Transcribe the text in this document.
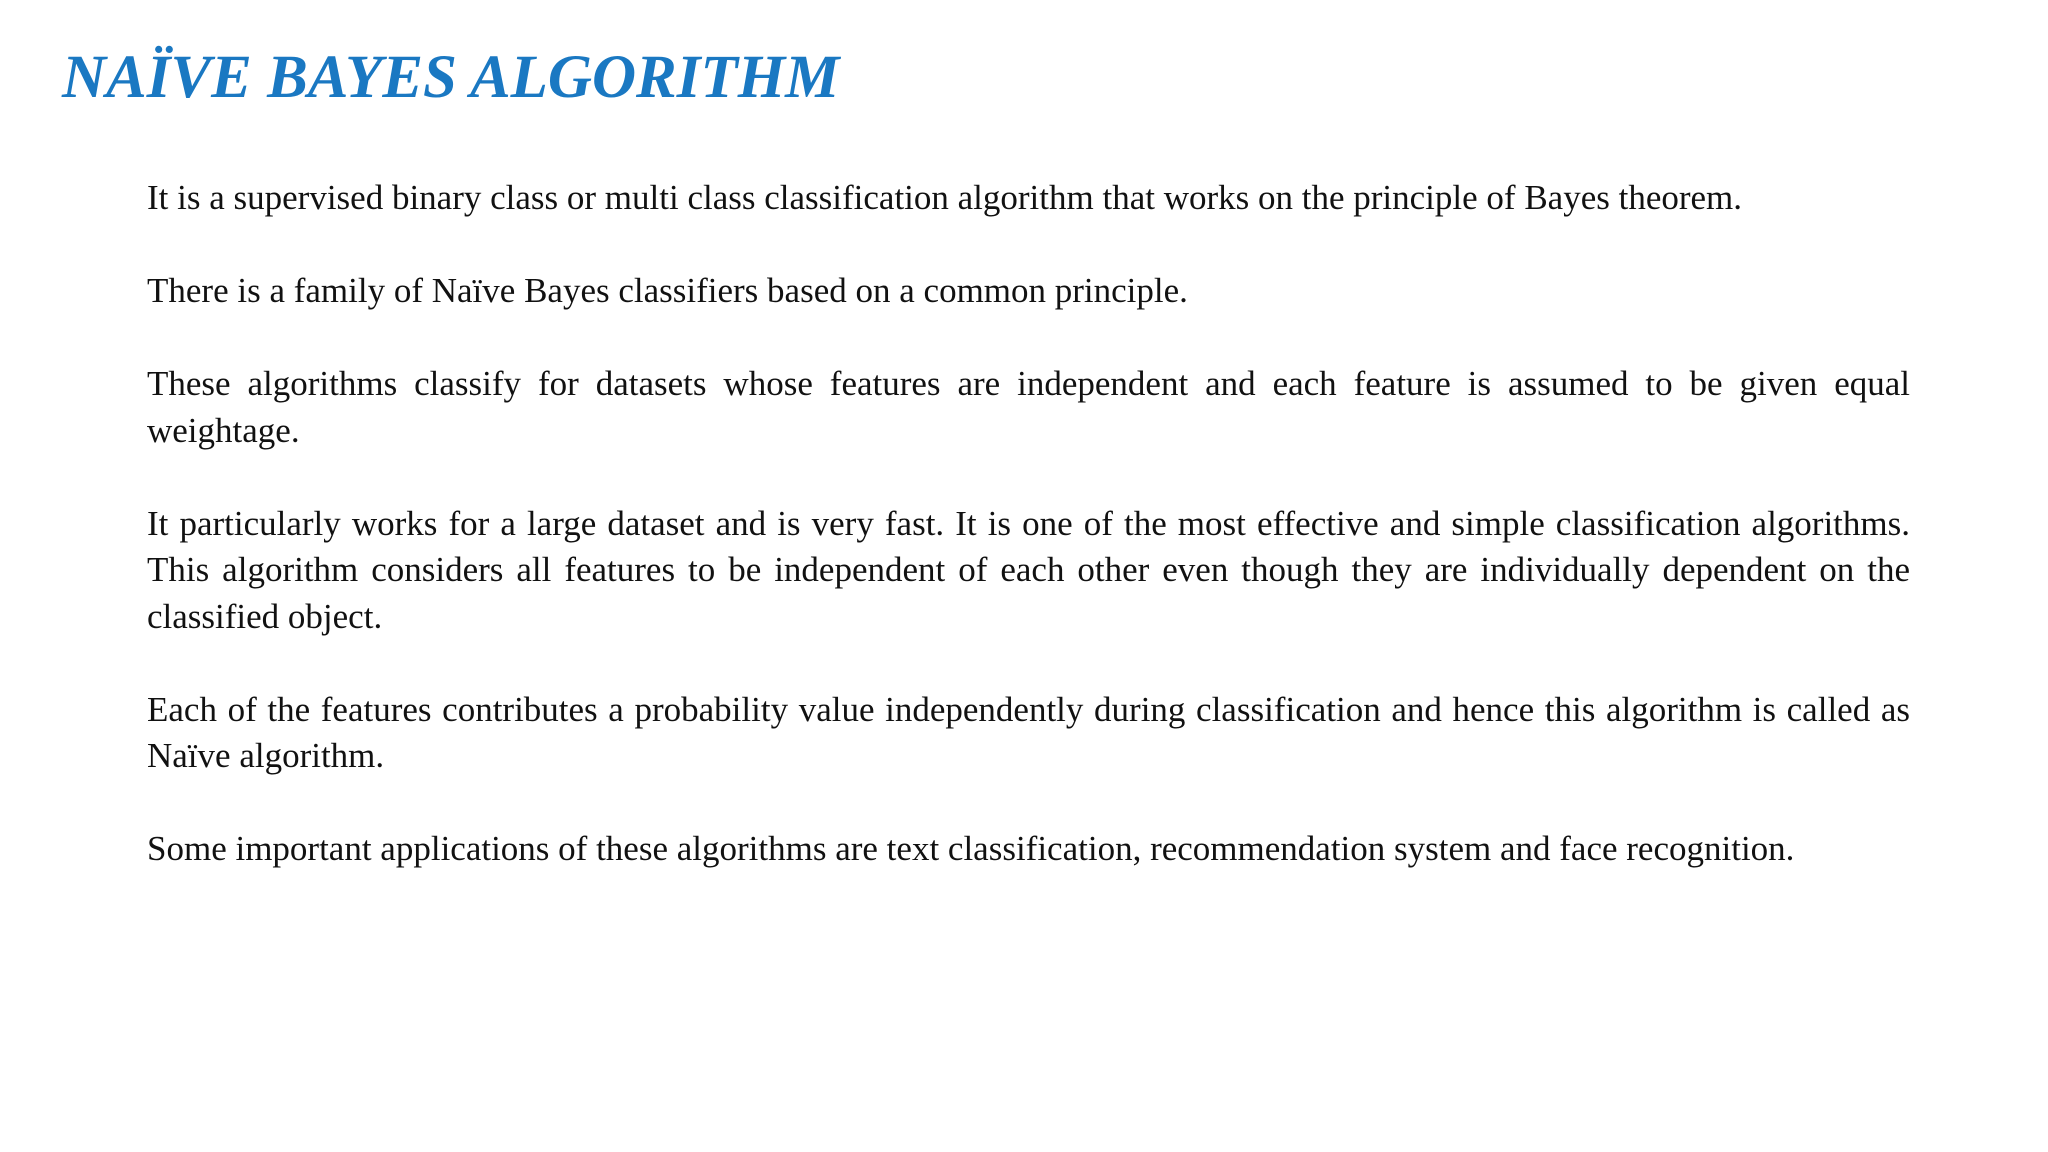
NAÏVE BAYES ALGORITHM

It is a supervised binary class or multi class classification algorithm that works on the principle of Bayes theorem.

There is a family of Naïve Bayes classifiers based on a common principle.

These algorithms classify for datasets whose features are independent and each feature is assumed to be given equal weightage.

It particularly works for a large dataset and is very fast. It is one of the most effective and simple classification algorithms. This algorithm considers all features to be independent of each other even though they are individually dependent on the classified object.

Each of the features contributes a probability value independently during classification and hence this algorithm is called as Naïve algorithm.

Some important applications of these algorithms are text classification, recommendation system and face recognition.
